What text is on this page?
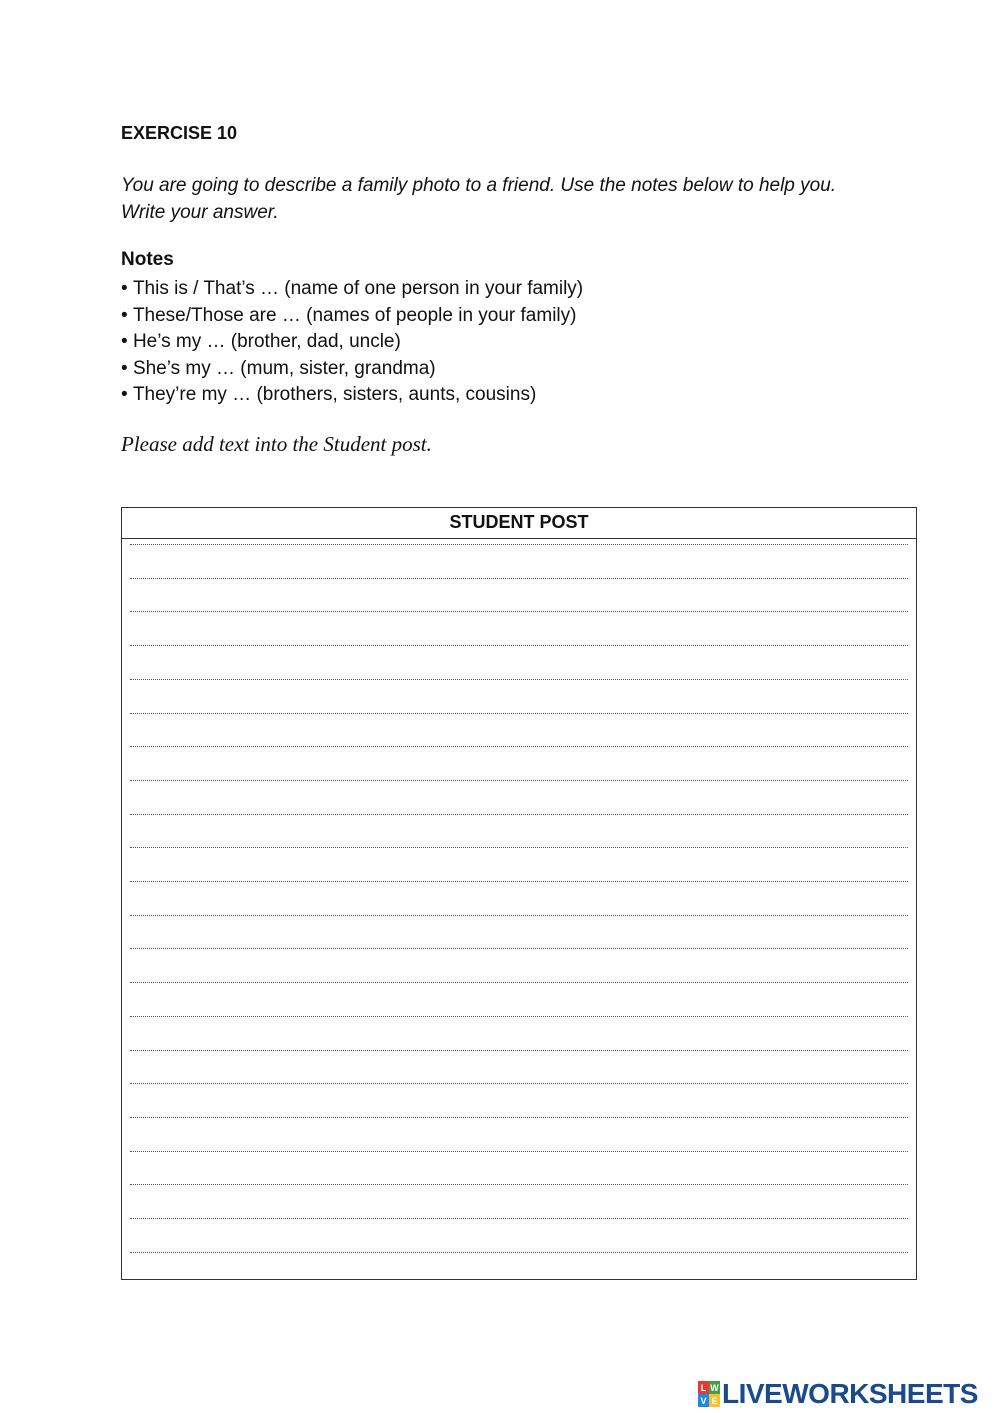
EXERCISE 10
You are going to describe a family photo to a friend. Use the notes below to help you.
Write your answer.
Notes
• This is / That’s … (name of one person in your family)
• These/Those are … (names of people in your family)
• He’s my … (brother, dad, uncle)
• She’s my … (mum, sister, grandma)
• They’re my … (brothers, sisters, aunts, cousins)
Please add text into the Student post.
STUDENT POST
L W
V E LIVEWORKSHEETS
